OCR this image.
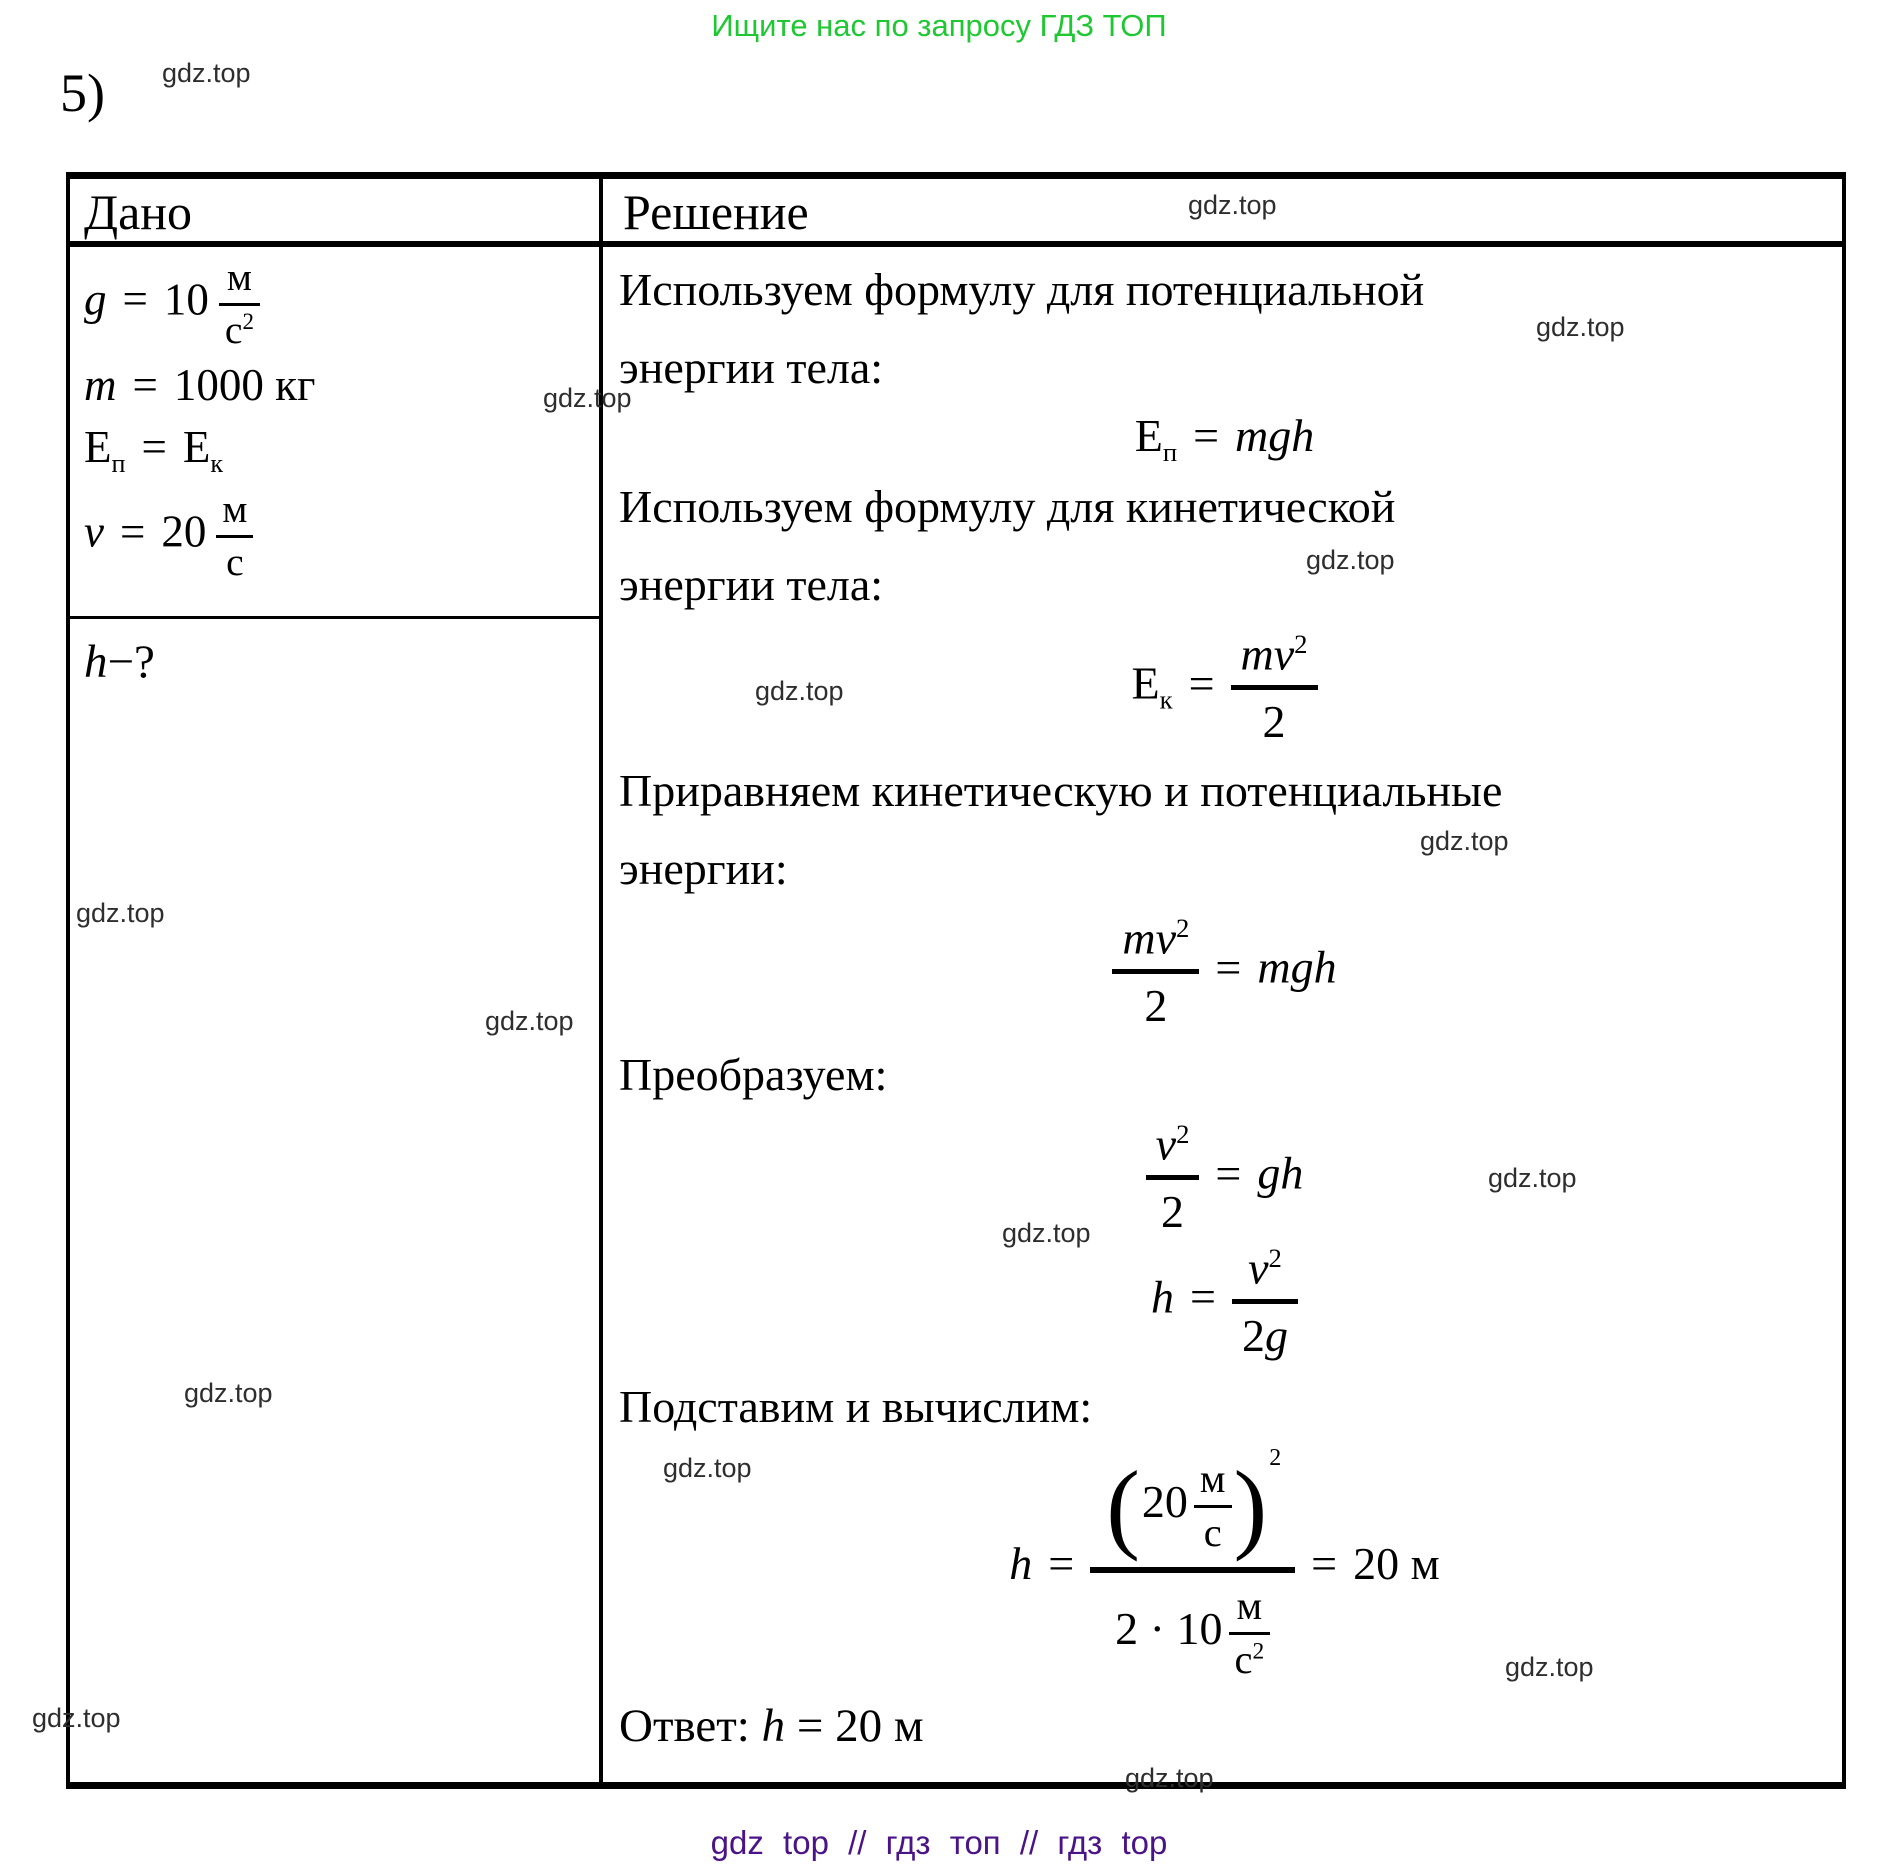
Ищите нас по запросу ГДЗ ТОП
5)
Дано	Решение
$g = 10 \frac{м}{с^2}$
m = 1000 кг
$E_п = E_к$
$v = 20 \frac{м}{с}$
h−?
Используем формулу для потенциальной
энергии тела:
$E_п$ = mgh
Используем формулу для кинетической
энергии тела:
$E_к = \frac{mv^2}{2}$
Приравняем кинетическую и потенциальные
энергии:
$\frac{mv^2}{2}$ = mgh
Преобразуем:
$\frac{v^2}{2}$ = gh
$h = \frac{v^2}{2g}$
Подставим и вычислим:
$h = \frac{(20 \frac{м}{с} )^2}{2 \cdot 10 \frac{м}{с^2}} = 20$ м
Ответ: h = 20 м
gdz.top
gdz.top
gdz.top
gdz.top
gdz.top
gdz.top
gdz.top
gdz.top
gdz.top
gdz.top
gdz.top
gdz.top
gdz.top
gdz.top
gdz.top
gdz.top
gdz top // гдз топ // гдз top
